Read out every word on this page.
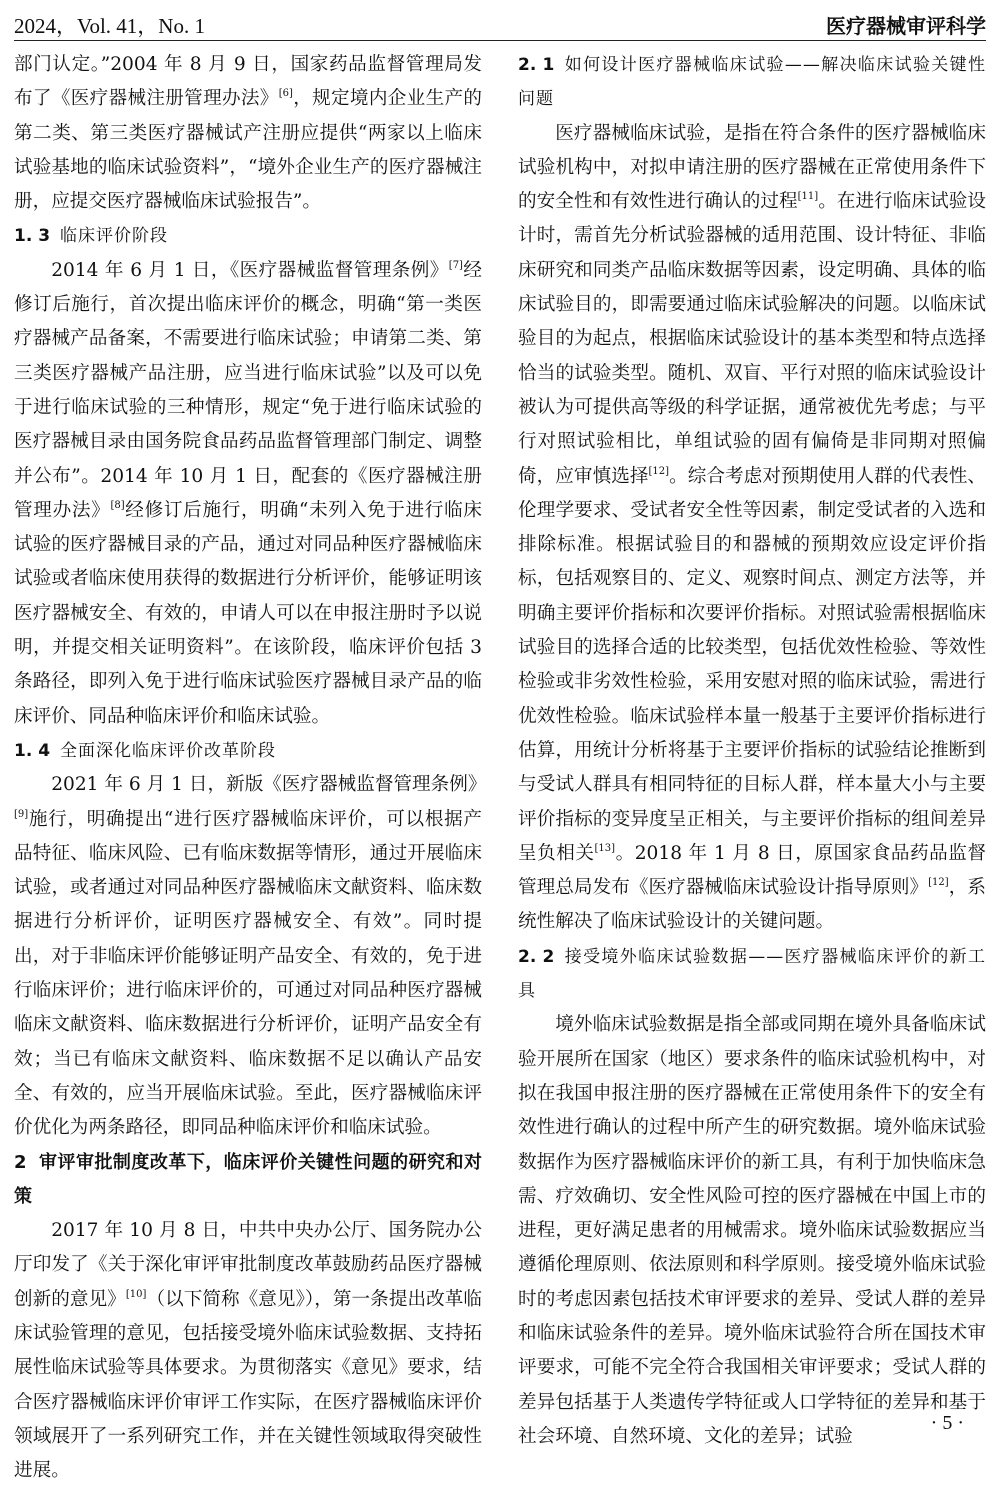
2024，Vol. 41，No. 1	医疗器械审评科学

部门认定。”2004 年 8 月 9 日，国家药品监督管理局发布了《医疗器械注册管理办法》[6]，规定境内企业生产的第二类、第三类医疗器械试产注册应提供“两家以上临床试验基地的临床试验资料”，“境外企业生产的医疗器械注册，应提交医疗器械临床试验报告”。

1. 3 临床评价阶段

2014 年 6 月 1 日，《医疗器械监督管理条例》[7]经修订后施行，首次提出临床评价的概念，明确“第一类医疗器械产品备案，不需要进行临床试验；申请第二类、第三类医疗器械产品注册，应当进行临床试验”以及可以免于进行临床试验的三种情形，规定“免于进行临床试验的医疗器械目录由国务院食品药品监督管理部门制定、调整并公布”。2014 年 10 月 1 日，配套的《医疗器械注册管理办法》[8]经修订后施行，明确“未列入免于进行临床试验的医疗器械目录的产品，通过对同品种医疗器械临床试验或者临床使用获得的数据进行分析评价，能够证明该医疗器械安全、有效的，申请人可以在申报注册时予以说明，并提交相关证明资料”。在该阶段，临床评价包括 3 条路径，即列入免于进行临床试验医疗器械目录产品的临床评价、同品种临床评价和临床试验。

1. 4 全面深化临床评价改革阶段

2021 年 6 月 1 日，新版《医疗器械监督管理条例》[9]施行，明确提出“进行医疗器械临床评价，可以根据产品特征、临床风险、已有临床数据等情形，通过开展临床试验，或者通过对同品种医疗器械临床文献资料、临床数据进行分析评价，证明医疗器械安全、有效”。同时提出，对于非临床评价能够证明产品安全、有效的，免于进行临床评价；进行临床评价的，可通过对同品种医疗器械临床文献资料、临床数据进行分析评价，证明产品安全有效；当已有临床文献资料、临床数据不足以确认产品安全、有效的，应当开展临床试验。至此，医疗器械临床评价优化为两条路径，即同品种临床评价和临床试验。

2 审评审批制度改革下，临床评价关键性问题的研究和对策

2017 年 10 月 8 日，中共中央办公厅、国务院办公厅印发了《关于深化审评审批制度改革鼓励药品医疗器械创新的意见》[10]（以下简称《意见》），第一条提出改革临床试验管理的意见，包括接受境外临床试验数据、支持拓展性临床试验等具体要求。为贯彻落实《意见》要求，结合医疗器械临床评价审评工作实际，在医疗器械临床评价领域展开了一系列研究工作，并在关键性领域取得突破性进展。

2. 1 如何设计医疗器械临床试验——解决临床试验关键性问题

医疗器械临床试验，是指在符合条件的医疗器械临床试验机构中，对拟申请注册的医疗器械在正常使用条件下的安全性和有效性进行确认的过程[11]。在进行临床试验设计时，需首先分析试验器械的适用范围、设计特征、非临床研究和同类产品临床数据等因素，设定明确、具体的临床试验目的，即需要通过临床试验解决的问题。以临床试验目的为起点，根据临床试验设计的基本类型和特点选择恰当的试验类型。随机、双盲、平行对照的临床试验设计被认为可提供高等级的科学证据，通常被优先考虑；与平行对照试验相比，单组试验的固有偏倚是非同期对照偏倚，应审慎选择[12]。综合考虑对预期使用人群的代表性、伦理学要求、受试者安全性等因素，制定受试者的入选和排除标准。根据试验目的和器械的预期效应设定评价指标，包括观察目的、定义、观察时间点、测定方法等，并明确主要评价指标和次要评价指标。对照试验需根据临床试验目的选择合适的比较类型，包括优效性检验、等效性检验或非劣效性检验，采用安慰对照的临床试验，需进行优效性检验。临床试验样本量一般基于主要评价指标进行估算，用统计分析将基于主要评价指标的试验结论推断到与受试人群具有相同特征的目标人群，样本量大小与主要评价指标的变异度呈正相关，与主要评价指标的组间差异呈负相关[13]。2018 年 1 月 8 日，原国家食品药品监督管理总局发布《医疗器械临床试验设计指导原则》[12]，系统性解决了临床试验设计的关键问题。

2. 2 接受境外临床试验数据——医疗器械临床评价的新工具

境外临床试验数据是指全部或同期在境外具备临床试验开展所在国家（地区）要求条件的临床试验机构中，对拟在我国申报注册的医疗器械在正常使用条件下的安全有效性进行确认的过程中所产生的研究数据。境外临床试验数据作为医疗器械临床评价的新工具，有利于加快临床急需、疗效确切、安全性风险可控的医疗器械在中国上市的进程，更好满足患者的用械需求。境外临床试验数据应当遵循伦理原则、依法原则和科学原则。接受境外临床试验时的考虑因素包括技术审评要求的差异、受试人群的差异和临床试验条件的差异。境外临床试验符合所在国技术审评要求，可能不完全符合我国相关审评要求；受试人群的差异包括基于人类遗传学特征或人口学特征的差异和基于社会环境、自然环境、文化的差异；试验

· 5 ·
